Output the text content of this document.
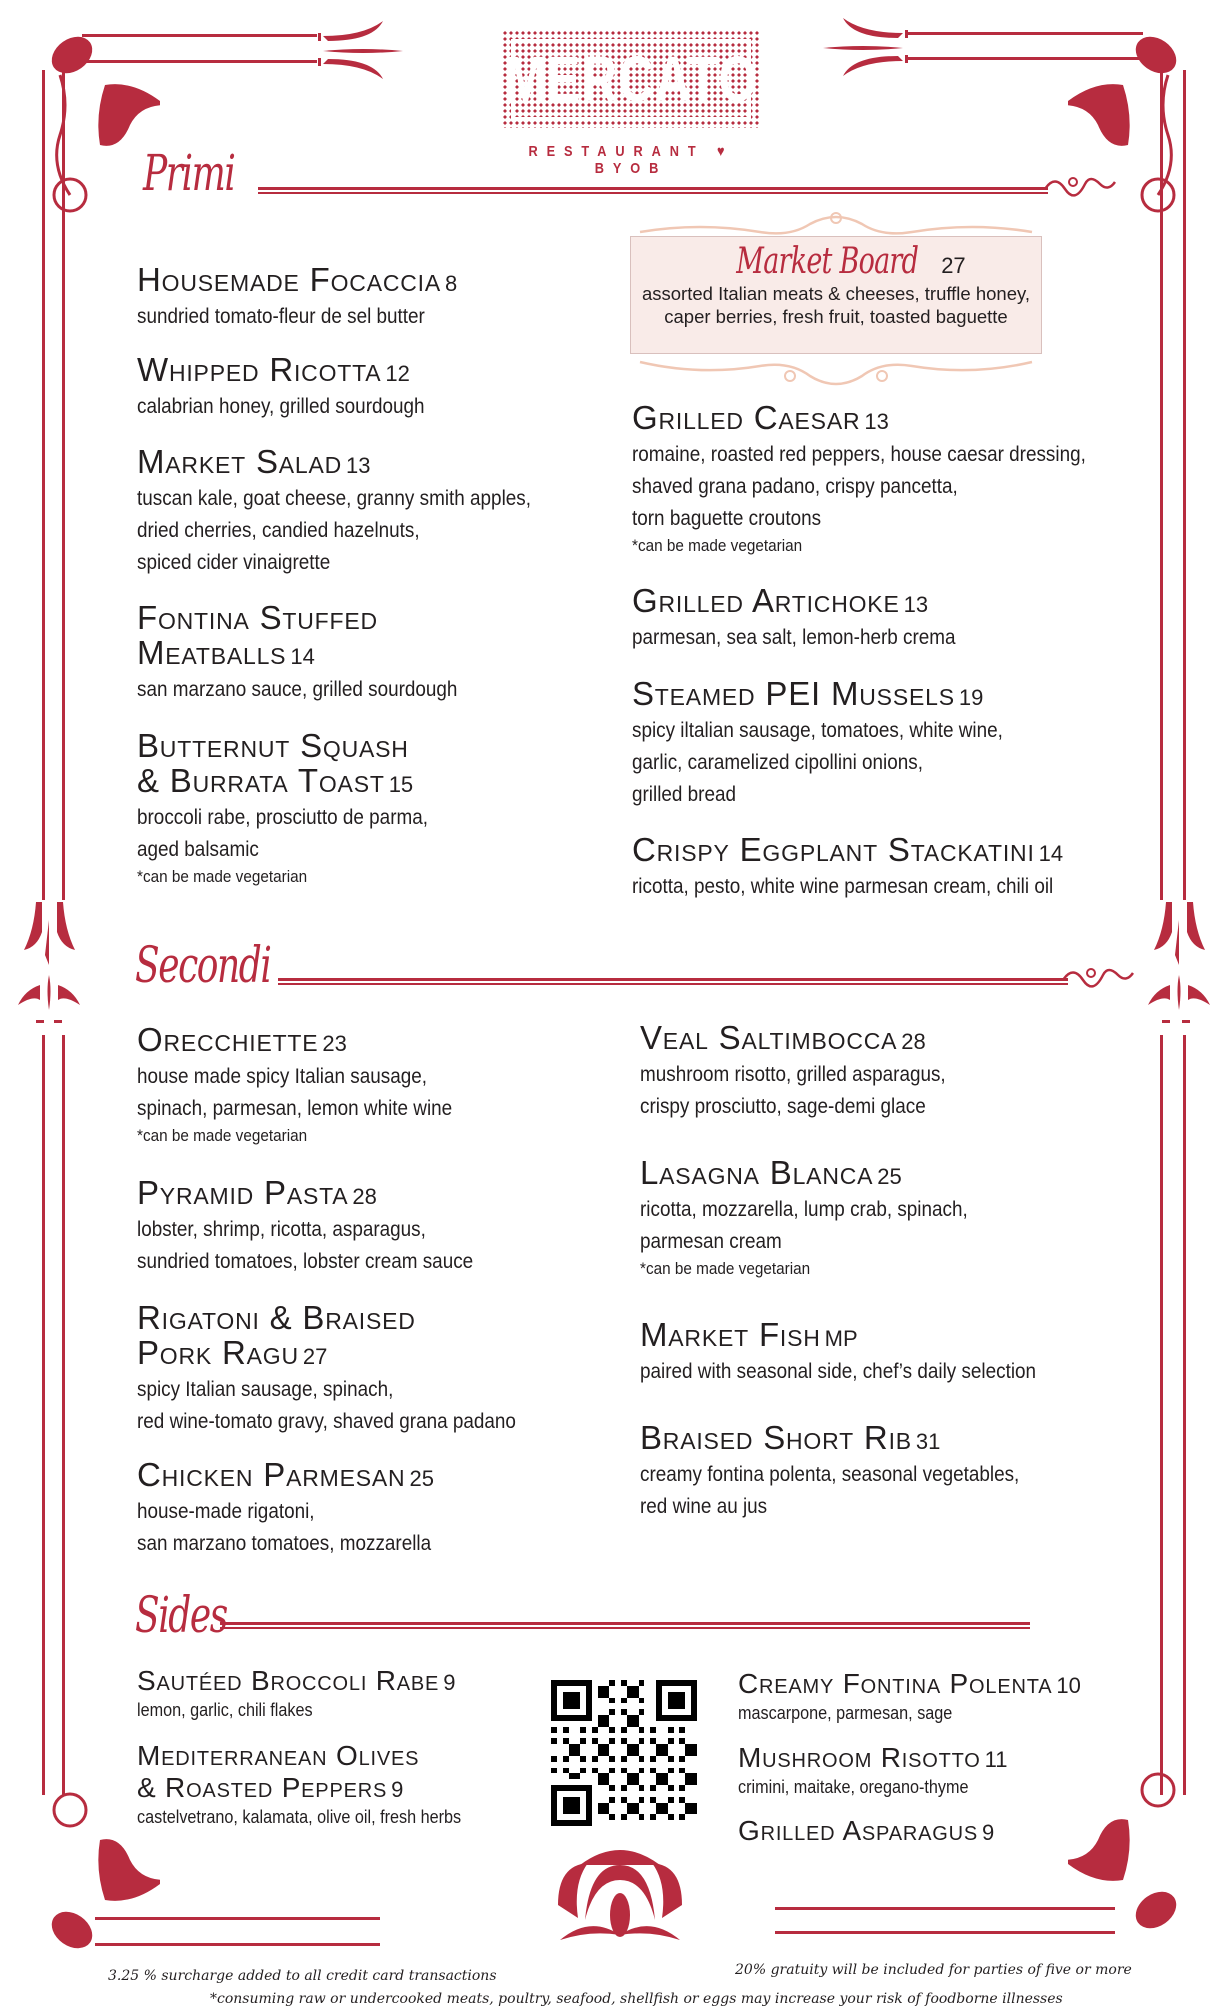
MERCATO
RESTAURANT ♥ BYOB
Primi
Housemade Focaccia 8
sundried tomato-fleur de sel butter
Whipped Ricotta 12
calabrian honey, grilled sourdough
Market Salad 13
tuscan kale, goat cheese, granny smith apples,
dried cherries, candied hazelnuts,
spiced cider vinaigrette
Fontina Stuffed
Meatballs 14
san marzano sauce, grilled sourdough
Butternut Squash
& Burrata Toast 15
broccoli rabe, prosciutto de parma,
aged balsamic
*can be made vegetarian
Market Board 27
assorted Italian meats & cheeses, truffle honey,
caper berries, fresh fruit, toasted baguette
Grilled Caesar 13
romaine, roasted red peppers, house caesar dressing,
shaved grana padano, crispy pancetta,
torn baguette croutons
*can be made vegetarian
Grilled Artichoke 13
parmesan, sea salt, lemon-herb crema
Steamed PEI Mussels 19
spicy iltalian sausage, tomatoes, white wine,
garlic, caramelized cipollini onions,
grilled bread
Crispy Eggplant Stackatini 14
ricotta, pesto, white wine parmesan cream, chili oil
Secondi
Orecchiette 23
house made spicy Italian sausage,
spinach, parmesan, lemon white wine
*can be made vegetarian
Pyramid Pasta 28
lobster, shrimp, ricotta, asparagus,
sundried tomatoes, lobster cream sauce
Rigatoni & Braised
Pork Ragu 27
spicy Italian sausage, spinach,
red wine-tomato gravy, shaved grana padano
Chicken Parmesan 25
house-made rigatoni,
san marzano tomatoes, mozzarella
Veal Saltimbocca 28
mushroom risotto, grilled asparagus,
crispy prosciutto, sage-demi glace
Lasagna Blanca 25
ricotta, mozzarella, lump crab, spinach,
parmesan cream
*can be made vegetarian
Market Fish MP
paired with seasonal side, chef’s daily selection
Braised Short Rib 31
creamy fontina polenta, seasonal vegetables,
red wine au jus
Sides
Sautéed Broccoli Rabe 9
lemon, garlic, chili flakes
Mediterranean Olives
& Roasted Peppers 9
castelvetrano, kalamata, olive oil, fresh herbs
Creamy Fontina Polenta 10
mascarpone, parmesan, sage
Mushroom Risotto 11
crimini, maitake, oregano-thyme
Grilled Asparagus 9
3.25 % surcharge added to all credit card transactions	20% gratuity will be included for parties of five or more
*consuming raw or undercooked meats, poultry, seafood, shellfish or eggs may increase your risk of foodborne illnesses
